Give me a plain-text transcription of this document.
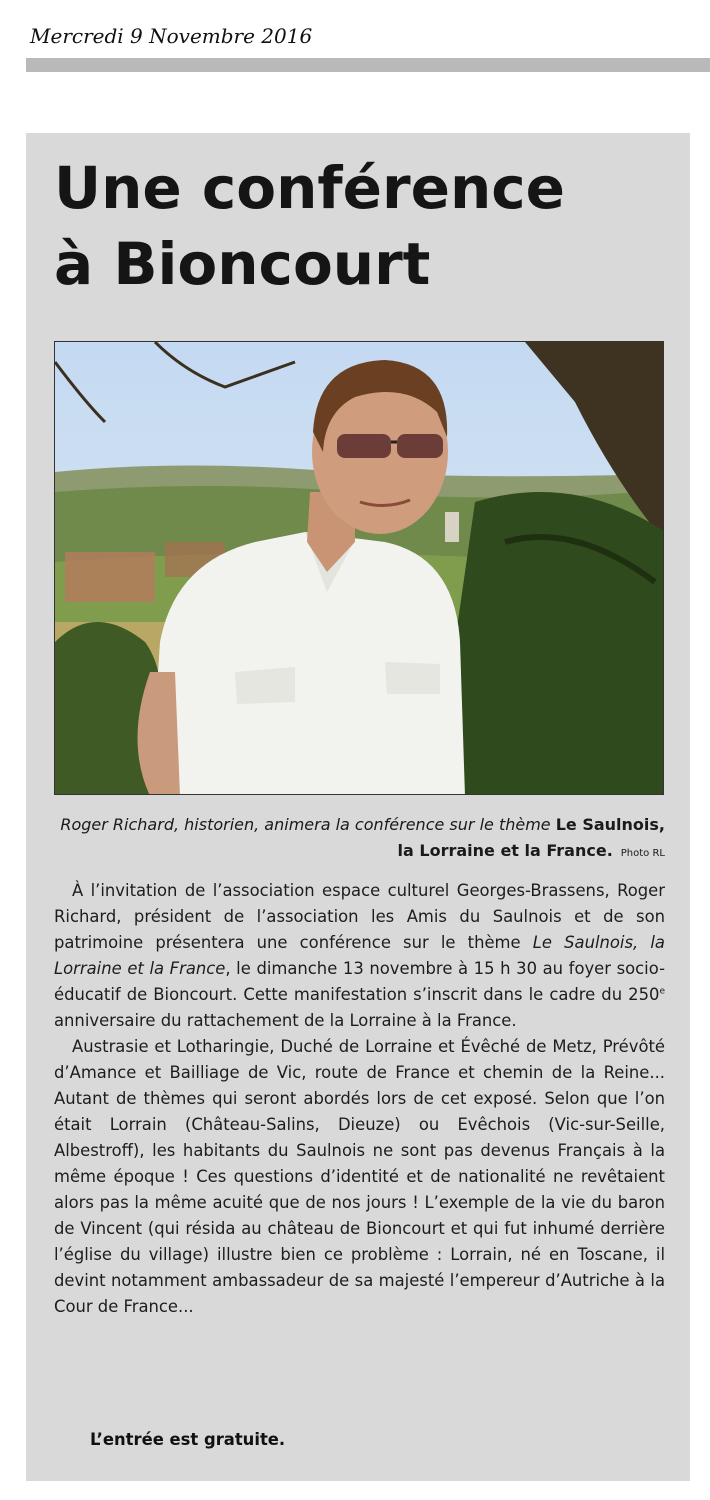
Mercredi 9 Novembre 2016
Une conférence
à Bioncourt
Roger Richard, historien, animera la conférence sur le thème Le Saulnois, la Lorraine et la France. Photo RL

À l’invitation de l’association espace culturel Georges-Brassens, Roger Richard, président de l’association les Amis du Saulnois et de son patrimoine présentera une conférence sur le thème Le Saulnois, la Lorraine et la France, le dimanche 13 novembre à 15 h 30 au foyer socio-éducatif de Bioncourt. Cette manifestation s’inscrit dans le cadre du 250e anniversaire du rattachement de la Lorraine à la France.

Austrasie et Lotharingie, Duché de Lorraine et Évêché de Metz, Prévôté d’Amance et Bailliage de Vic, route de France et chemin de la Reine... Autant de thèmes qui seront abordés lors de cet exposé. Selon que l’on était Lorrain (Château-Salins, Dieuze) ou Evêchois (Vic-sur-Seille, Albestroff), les habitants du Saulnois ne sont pas devenus Français à la même époque ! Ces questions d’identité et de nationalité ne revêtaient alors pas la même acuité que de nos jours ! L’exemple de la vie du baron de Vincent (qui résida au château de Bioncourt et qui fut inhumé derrière l’église du village) illustre bien ce problème : Lorrain, né en Toscane, il devint notamment ambassadeur de sa majesté l’empereur d’Autriche à la Cour de France...

L’entrée est gratuite.
